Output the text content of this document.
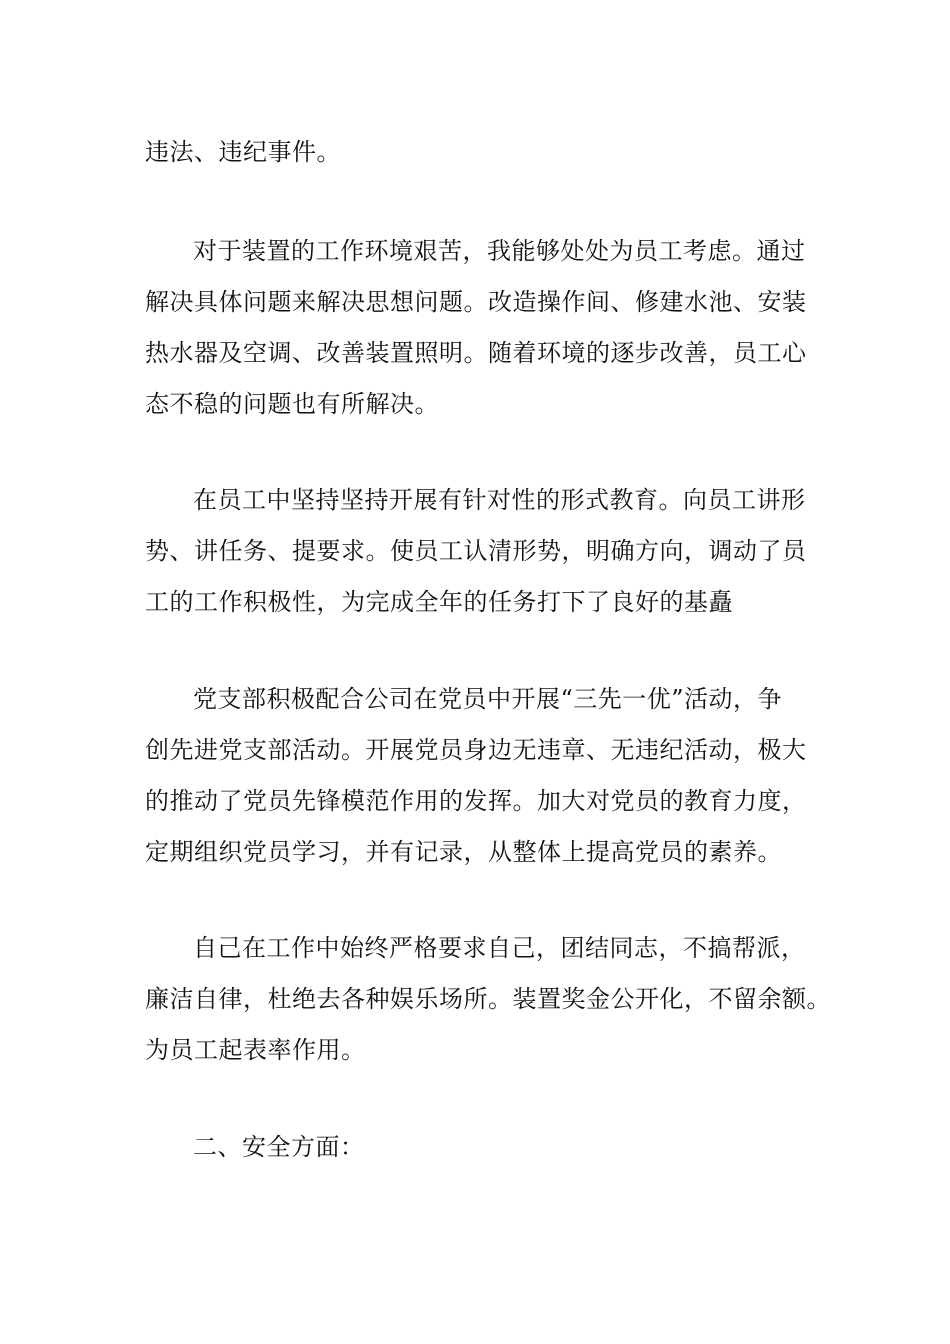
违法、违纪事件。
对于装置的工作环境艰苦，我能够处处为员工考虑。通过
解决具体问题来解决思想问题。改造操作间、修建水池、安装
热水器及空调、改善装置照明。随着环境的逐步改善，员工心
态不稳的问题也有所解决。
在员工中坚持坚持开展有针对性的形式教育。向员工讲形
势、讲任务、提要求。使员工认清形势，明确方向，调动了员
工的工作积极性，为完成全年的任务打下了良好的基矗
党支部积极配合公司在党员中开展“三先一优”活动，争
创先进党支部活动。开展党员身边无违章、无违纪活动，极大
的推动了党员先锋模范作用的发挥。加大对党员的教育力度，
定期组织党员学习，并有记录，从整体上提高党员的素养。
自己在工作中始终严格要求自己，团结同志，不搞帮派，
廉洁自律，杜绝去各种娱乐场所。装置奖金公开化，不留余额。
为员工起表率作用。
二、安全方面：
